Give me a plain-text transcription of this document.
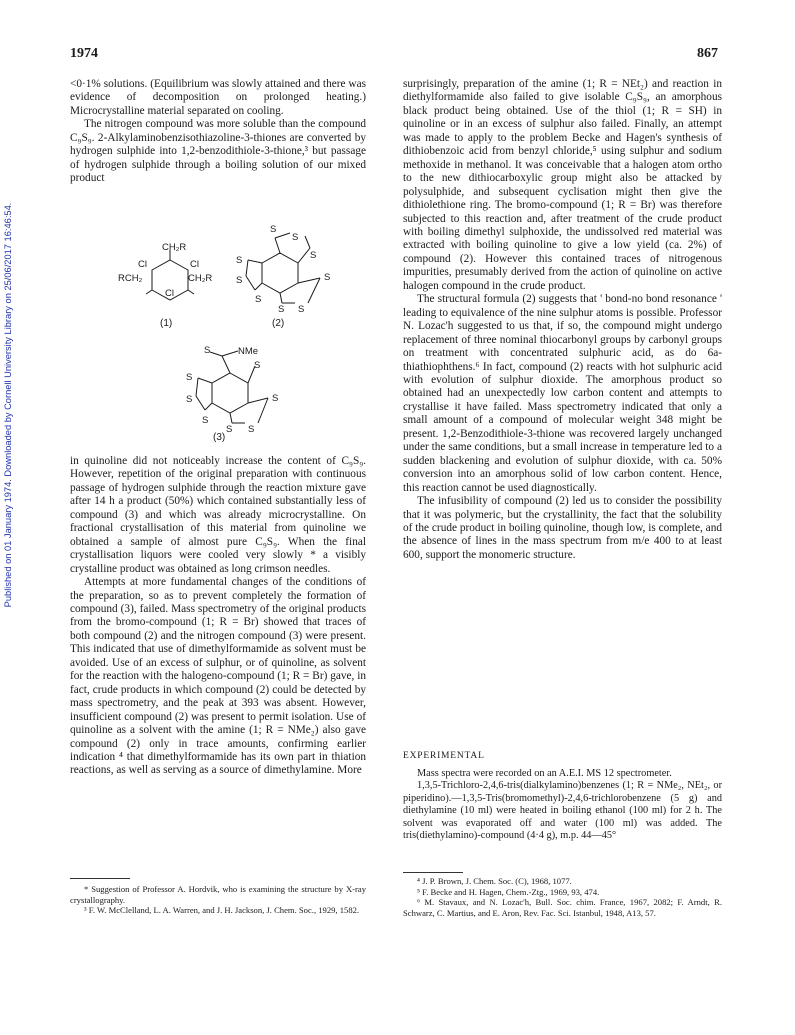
1974	867
Published on 01 January 1974. Downloaded by Cornell University Library on 25/06/2017 16:46:54.

<0·1% solutions. (Equilibrium was slowly attained and there was evidence of decomposition on prolonged heating.) Microcrystalline material separated on cooling.

The nitrogen compound was more soluble than the compound C₉S₉. 2-Alkylaminobenzisothiazoline-3-thiones are converted by hydrogen sulphide into 1,2-benzodithiole-3-thione,³ but passage of hydrogen sulphide through a boiling solution of our mixed product

CH₂R
Cl	Cl
RCH₂	CH₂R
Cl
S
S
S
S
S	S
S
S S
S	NMe
S
S
S	S
S
S S
(1)	(2)
(3)

in quinoline did not noticeably increase the content of C₉S₉. However, repetition of the original preparation with continuous passage of hydrogen sulphide through the reaction mixture gave after 14 h a product (50%) which contained substantially less of compound (3) and which was already microcrystalline. On fractional crystallisation of this material from quinoline we obtained a sample of almost pure C₉S₉. When the final crystallisation liquors were cooled very slowly * a visibly crystalline product was obtained as long crimson needles.

Attempts at more fundamental changes of the conditions of the preparation, so as to prevent completely the formation of compound (3), failed. Mass spectrometry of the original products from the bromo-compound (1; R = Br) showed that traces of both compound (2) and the nitrogen compound (3) were present. This indicated that use of dimethylformamide as solvent must be avoided. Use of an excess of sulphur, or of quinoline, as solvent for the reaction with the halogeno-compound (1; R = Br) gave, in fact, crude products in which compound (2) could be detected by mass spectrometry, and the peak at 393 was absent. However, insufficient compound (2) was present to permit isolation. Use of quinoline as a solvent with the amine (1; R = NMe₂) also gave compound (2) only in trace amounts, confirming earlier indication ⁴ that dimethylformamide has its own part in thiation reactions, as well as serving as a source of dimethylamine. More

* Suggestion of Professor A. Hordvik, who is examining the structure by X-ray crystallography.

³ F. W. McClelland, L. A. Warren, and J. H. Jackson, J. Chem. Soc., 1929, 1582.

surprisingly, preparation of the amine (1; R = NEt₂) and reaction in diethylformamide also failed to give isolable C₉S₉, an amorphous black product being obtained. Use of the thiol (1; R = SH) in quinoline or in an excess of sulphur also failed. Finally, an attempt was made to apply to the problem Becke and Hagen's synthesis of dithiobenzoic acid from benzyl chloride,⁵ using sulphur and sodium methoxide in methanol. It was conceivable that a halogen atom ortho to the new dithiocarboxylic group might also be attacked by polysulphide, and subsequent cyclisation might then give the dithiolethione ring. The bromo-compound (1; R = Br) was therefore subjected to this reaction and, after treatment of the crude product with boiling dimethyl sulphoxide, the undissolved red material was extracted with boiling quinoline to give a low yield (ca. 2%) of compound (2). However this contained traces of nitrogenous impurities, presumably derived from the action of quinoline on active halogen compound in the crude product.

The structural formula (2) suggests that ' bond-no bond resonance ' leading to equivalence of the nine sulphur atoms is possible. Professor N. Lozac'h suggested to us that, if so, the compound might undergo replacement of three nominal thiocarbonyl groups by carbonyl groups on treatment with concentrated sulphuric acid, as do 6a-thiathiophthens.⁶ In fact, compound (2) reacts with hot sulphuric acid with evolution of sulphur dioxide. The amorphous product so obtained had an unexpectedly low carbon content and attempts to crystallise it have failed. Mass spectrometry indicated that only a small amount of a compound of molecular weight 348 might be present. 1,2-Benzodithiole-3-thione was recovered largely unchanged under the same conditions, but a small increase in temperature led to a sudden blackening and evolution of sulphur dioxide, with ca. 50% conversion into an amorphous solid of low carbon content. Hence, this reaction cannot be used diagnostically.

The infusibility of compound (2) led us to consider the possibility that it was polymeric, but the crystallinity, the fact that the solubility of the crude product in boiling quinoline, though low, is complete, and the absence of lines in the mass spectrum from m/e 400 to at least 600, support the monomeric structure.

EXPERIMENTAL

Mass spectra were recorded on an A.E.I. MS 12 spectrometer.

1,3,5-Trichloro-2,4,6-tris(dialkylamino)benzenes (1; R = NMe₂, NEt₂, or piperidino).—1,3,5-Tris(bromomethyl)-2,4,6-trichlorobenzene (5 g) and diethylamine (10 ml) were heated in boiling ethanol (100 ml) for 2 h. The solvent was evaporated off and water (100 ml) was added. The tris(diethylamino)-compound (4·4 g), m.p. 44—45°

⁴ J. P. Brown, J. Chem. Soc. (C), 1968, 1077.

⁵ F. Becke and H. Hagen, Chem.-Ztg., 1969, 93, 474.

⁶ M. Stavaux, and N. Lozac'h, Bull. Soc. chim. France, 1967, 2082; F. Arndt, R. Schwarz, C. Martius, and E. Aron, Rev. Fac. Sci. Istanbul, 1948, A13, 57.
